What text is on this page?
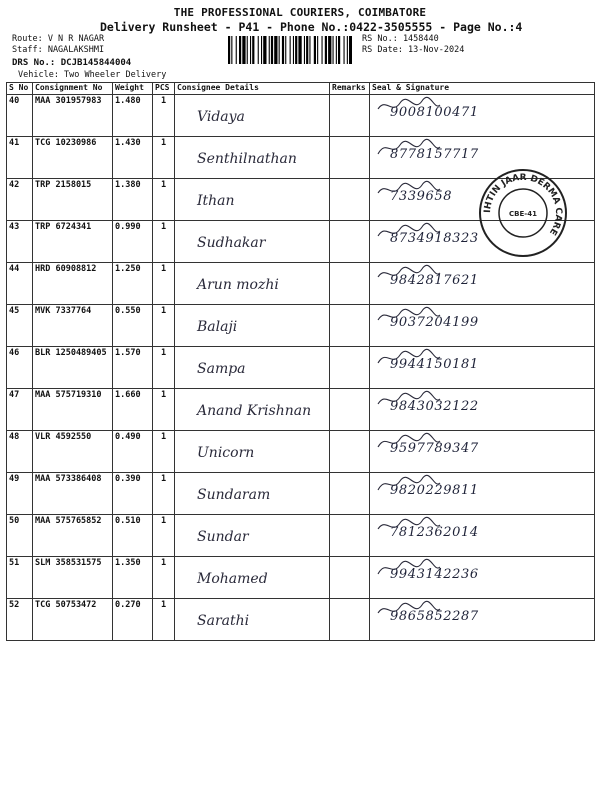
THE PROFESSIONAL COURIERS, COIMBATORE
Delivery Runsheet - P41 - Phone No.:0422-3505555 - Page No.:4
Route: V N R NAGAR
Staff: NAGALAKSHMI
DRS No.: DCJB145844004
Vehicle: Two Wheeler Delivery
RS No.: 1458440
RS Date: 13-Nov-2024
S No	Consignment No	Weight	PCS	Consignee Details	Remarks	Seal & Signature
40	MAA 301957983	1.480	1	Vidaya		9008100471

41	TCG 10230986	1.430	1	Senthilnathan		8778157717

42	TRP 2158015	1.380	1	Ithan		7339658

43	TRP 6724341	0.990	1	Sudhakar		8734918323

44	HRD 60908812	1.250	1	Arun mozhi		9842817621

45	MVK 7337764	0.550	1	Balaji		9037204199

46	BLR 1250489405	1.570	1	Sampa		9944150181

47	MAA 575719310	1.660	1	Anand Krishnan		9843032122

48	VLR 4592550	0.490	1	Unicorn		9597789347

49	MAA 573386408	0.390	1	Sundaram		9820229811

50	MAA 575765852	0.510	1	Sundar		7812362014

51	SLM 358531575	1.350	1	Mohamed		9943142236

52	TCG 50753472	0.270	1	Sarathi		9865852287
IHTIN JAAR DERMA CARE
CBE-41
